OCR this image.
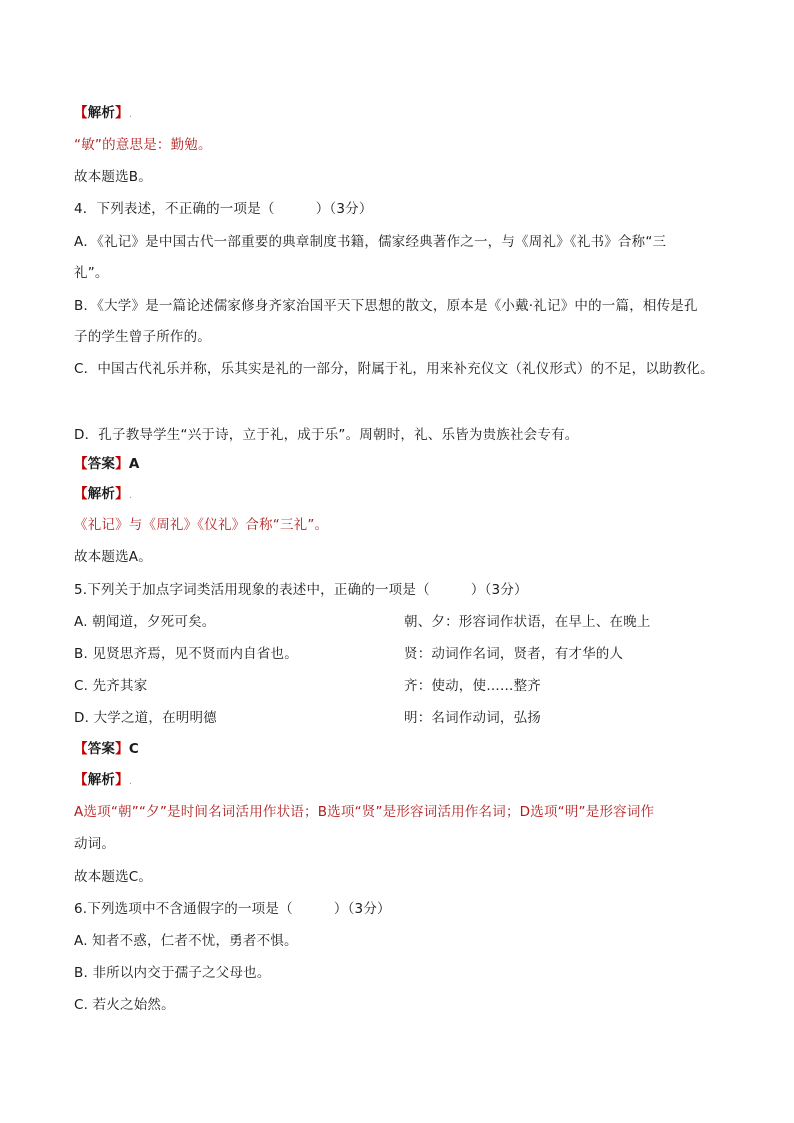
【解析】.
“敏”的意思是：勤勉。
故本题选B。
4．下列表述，不正确的一项是（　　　）（3分）
A．《礼记》是中国古代一部重要的典章制度书籍，儒家经典著作之一，与《周礼》《礼书》合称“三
礼”。
B．《大学》是一篇论述儒家修身齐家治国平天下思想的散文，原本是《小戴·礼记》中的一篇，相传是孔
子的学生曾子所作的。
C．中国古代礼乐并称，乐其实是礼的一部分，附属于礼，用来补充仪文（礼仪形式）的不足，以助教化。
D．孔子教导学生“兴于诗，立于礼，成于乐”。周朝时，礼、乐皆为贵族社会专有。
【答案】A
【解析】.
《礼记》与《周礼》《仪礼》合称“三礼”。
故本题选A。
5.下列关于加点字词类活用现象的表述中，正确的一项是（　　　）（3分）
A. 朝闻道，夕死可矣。	朝、夕：形容词作状语，在早上、在晚上
B. 见贤思齐焉，见不贤而内自省也。	贤：动词作名词，贤者，有才华的人
C. 先齐其家	齐：使动，使……整齐
D. 大学之道，在明明德	明：名词作动词，弘扬
【答案】C
【解析】.
A选项“朝”“夕”是时间名词活用作状语；B选项“贤”是形容词活用作名词；D选项“明”是形容词作
动词。
故本题选C。
6.下列选项中不含通假字的一项是（　　　）（3分）
A. 知者不惑，仁者不忧，勇者不惧。
B. 非所以内交于孺子之父母也。
C. 若火之始然。
